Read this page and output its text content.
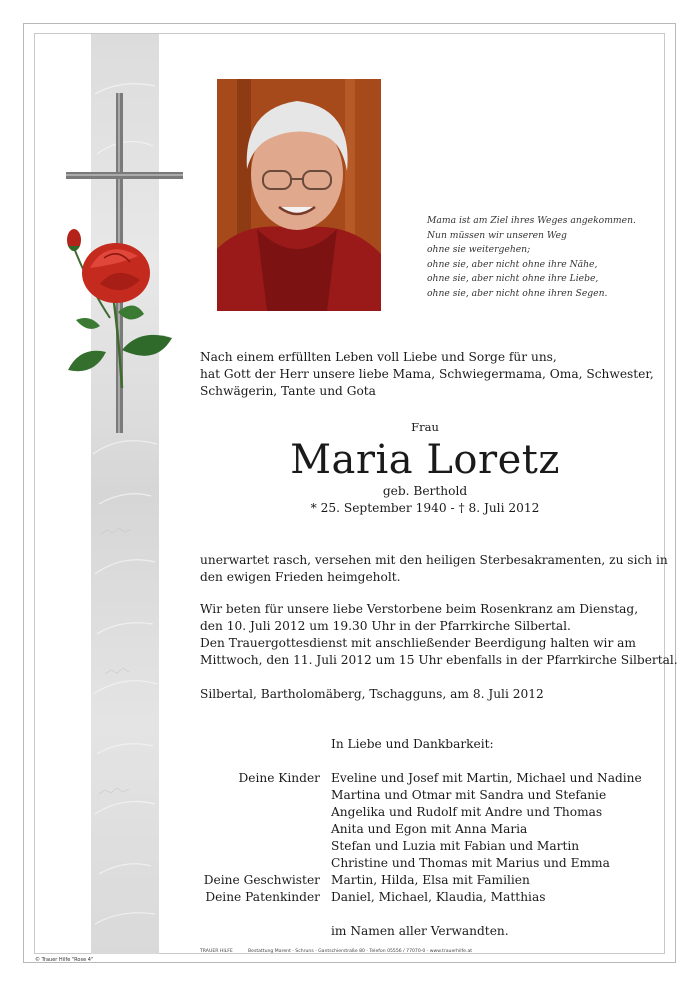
Mama ist am Ziel ihres Weges angekommen.
Nun müssen wir unseren Weg
ohne sie weitergehen;
ohne sie, aber nicht ohne ihre Nähe,
ohne sie, aber nicht ohne ihre Liebe,
ohne sie, aber nicht ohne ihren Segen.
Nach einem erfüllten Leben voll Liebe und Sorge für uns,
hat Gott der Herr unsere liebe Mama, Schwiegermama, Oma, Schwester,
Schwägerin, Tante und Gota
Frau
Maria Loretz
geb. Berthold
* 25. September 1940 - † 8. Juli 2012
unerwartet rasch, versehen mit den heiligen Sterbesakramenten, zu sich in
den ewigen Frieden heimgeholt.
Wir beten für unsere liebe Verstorbene beim Rosenkranz am Dienstag,
den 10. Juli 2012 um 19.30 Uhr in der Pfarrkirche Silbertal.
Den Trauergottesdienst mit anschließender Beerdigung halten wir am
Mittwoch, den 11. Juli 2012 um 15 Uhr ebenfalls in der Pfarrkirche Silbertal.
Silbertal, Bartholomäberg, Tschagguns, am 8. Juli 2012
In Liebe und Dankbarkeit:
Deine Kinder Eveline und Josef mit Martin, Michael und Nadine
Martina und Otmar mit Sandra und Stefanie
Angelika und Rudolf mit Andre und Thomas
Anita und Egon mit Anna Maria
Stefan und Luzia mit Fabian und Martin
Christine und Thomas mit Marius und Emma
Deine Geschwister Martin, Hilda, Elsa mit Familien
Deine Patenkinder Daniel, Michael, Klaudia, Matthias
im Namen aller Verwandten.
TRAUER HILFE	Bestattung Marent · Schruns · Gantschierstraße 80 · Telefon 05556 / 77070-0 · www.trauerhilfe.at
© Trauer Hilfe "Rose 4"
